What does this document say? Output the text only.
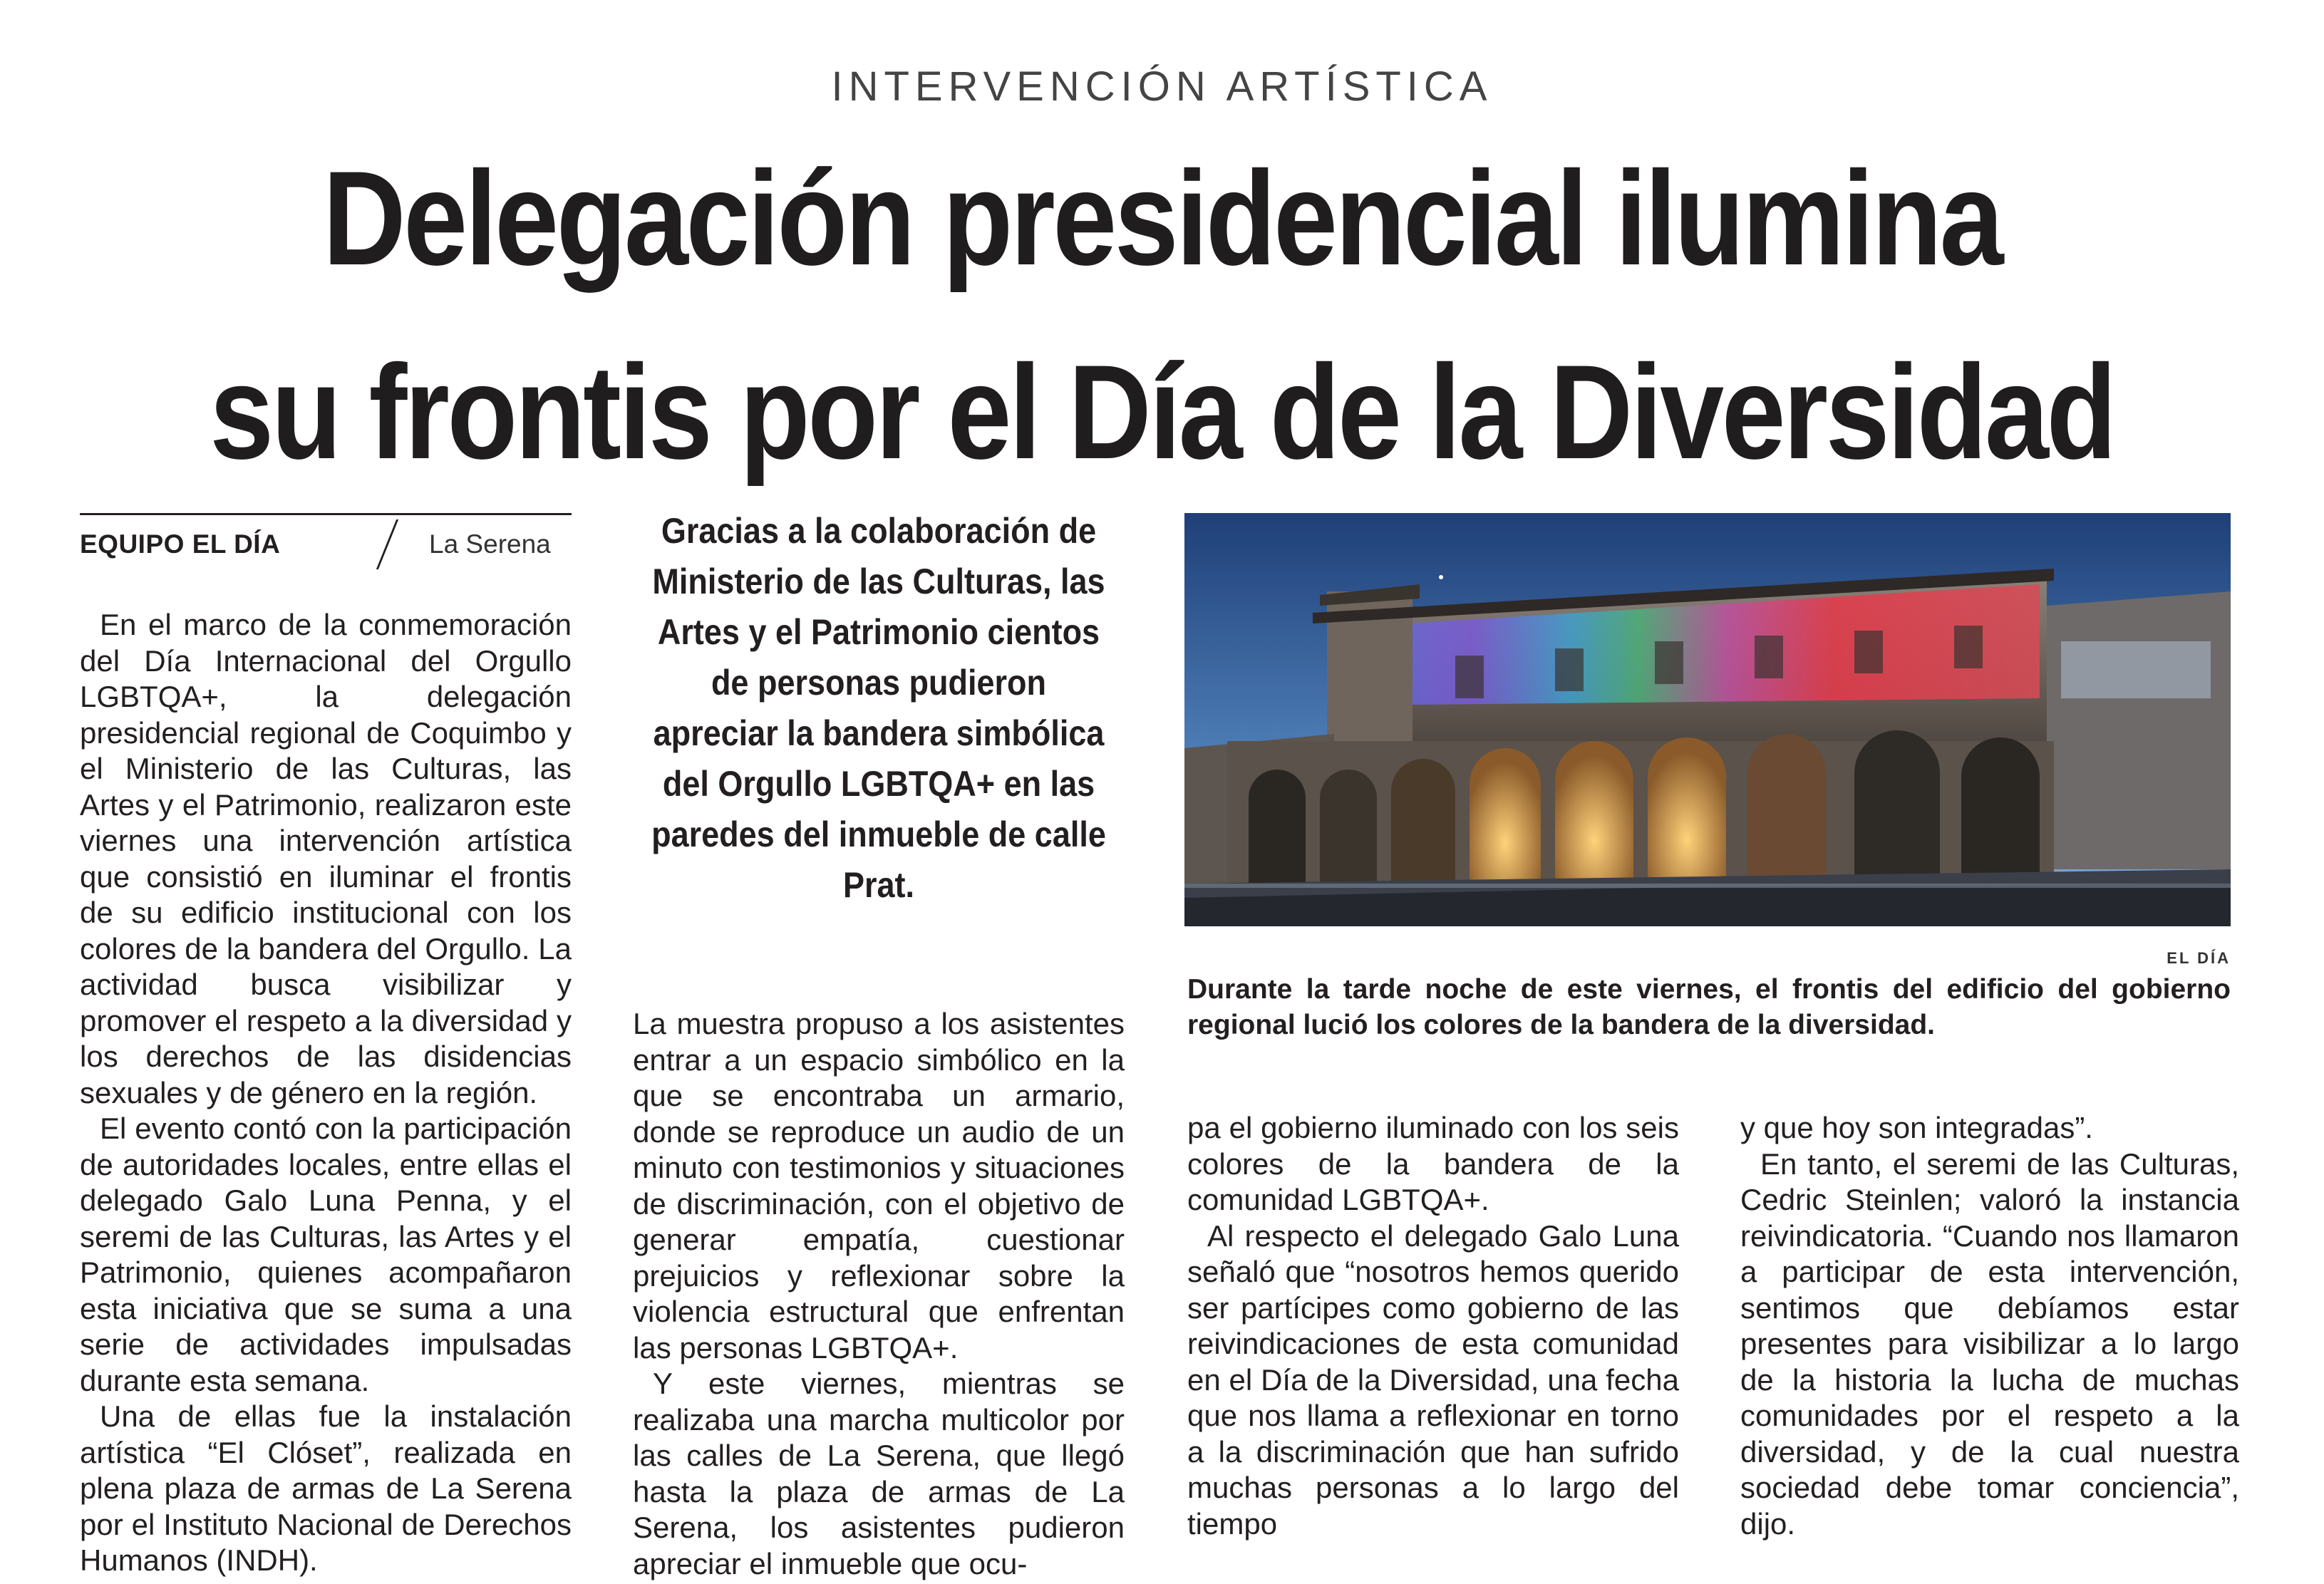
INTERVENCIÓN ARTÍSTICA
Delegación presidencial ilumina
su frontis por el Día de la Diversidad
EQUIPO EL DÍA	La Serena

En el marco de la conmemoración del Día Internacional del Orgullo LGBTQA+, la delegación presidencial regional de Coquimbo y el Ministerio de las Culturas, las Artes y el Patrimonio, realizaron este viernes una intervención artística que consistió en iluminar el frontis de su edificio institucional con los colores de la bandera del Orgullo. La actividad busca visibilizar y promover el respeto a la diversidad y los derechos de las disidencias sexuales y de género en la región.

El evento contó con la participación de autoridades locales, entre ellas el delegado Galo Luna Penna, y el seremi de las Culturas, las Artes y el Patrimonio, quienes acompañaron esta iniciativa que se suma a una serie de actividades impulsadas durante esta semana.

Una de ellas fue la instalación artística “El Clóset”, realizada en plena plaza de armas de La Serena por el Instituto Nacional de Derechos Humanos (INDH).

Gracias a la colaboración de Ministerio de las Culturas, las Artes y el Patrimonio cientos de personas pudieron apreciar la bandera simbólica del Orgullo LGBTQA+ en las paredes del inmueble de calle Prat.

La muestra propuso a los asistentes entrar a un espacio simbólico en la que se encontraba un armario, donde se reproduce un audio de un minuto con testimonios y situaciones de discriminación, con el objetivo de generar empatía, cuestionar prejuicios y reflexionar sobre la violencia estructural que enfrentan las personas LGBTQA+.

Y este viernes, mientras se realizaba una marcha multicolor por las calles de La Serena, que llegó hasta la plaza de armas de La Serena, los asistentes pudieron apreciar el inmueble que ocu-

EL DÍA
Durante la tarde noche de este viernes, el frontis del edificio del gobierno regional lució los colores de la bandera de la diversidad.

pa el gobierno iluminado con los seis colores de la bandera de la comunidad LGBTQA+.

Al respecto el delegado Galo Luna señaló que “nosotros hemos querido ser partícipes como gobierno de las reivindicaciones de esta comunidad en el Día de la Diversidad, una fecha que nos llama a reflexionar en torno a la discriminación que han sufrido muchas personas a lo largo del tiempo

y que hoy son integradas”.

En tanto, el seremi de las Culturas, Cedric Steinlen; valoró la instancia reivindicatoria. “Cuando nos llamaron a participar de esta intervención, sentimos que debíamos estar presentes para visibilizar a lo largo de la historia la lucha de muchas comunidades por el respeto a la diversidad, y de la cual nuestra sociedad debe tomar conciencia”, dijo.
